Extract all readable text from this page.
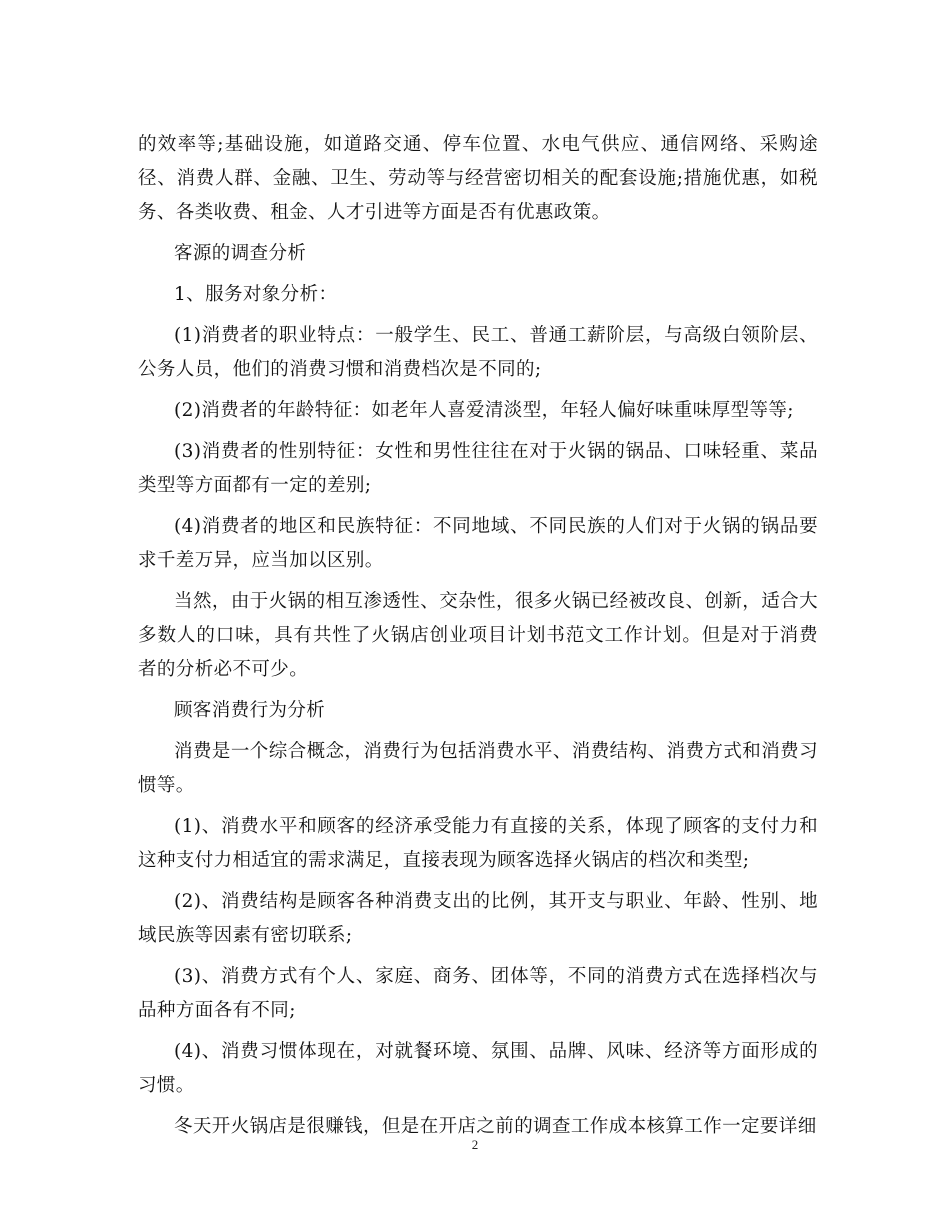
的效率等;基础设施，如道路交通、停车位置、水电气供应、通信网络、采购途径、消费人群、金融、卫生、劳动等与经营密切相关的配套设施;措施优惠，如税务、各类收费、租金、人才引进等方面是否有优惠政策。

客源的调查分析

1、服务对象分析：

(1)消费者的职业特点：一般学生、民工、普通工薪阶层，与高级白领阶层、公务人员，他们的消费习惯和消费档次是不同的;

(2)消费者的年龄特征：如老年人喜爱清淡型，年轻人偏好味重味厚型等等;

(3)消费者的性别特征：女性和男性往往在对于火锅的锅品、口味轻重、菜品类型等方面都有一定的差别;

(4)消费者的地区和民族特征：不同地域、不同民族的人们对于火锅的锅品要求千差万异，应当加以区别。

当然，由于火锅的相互渗透性、交杂性，很多火锅已经被改良、创新，适合大多数人的口味，具有共性了火锅店创业项目计划书范文工作计划。但是对于消费者的分析必不可少。

顾客消费行为分析

消费是一个综合概念，消费行为包括消费水平、消费结构、消费方式和消费习惯等。

(1)、消费水平和顾客的经济承受能力有直接的关系，体现了顾客的支付力和这种支付力相适宜的需求满足，直接表现为顾客选择火锅店的档次和类型;

(2)、消费结构是顾客各种消费支出的比例，其开支与职业、年龄、性别、地域民族等因素有密切联系;

(3)、消费方式有个人、家庭、商务、团体等，不同的消费方式在选择档次与品种方面各有不同;

(4)、消费习惯体现在，对就餐环境、氛围、品牌、风味、经济等方面形成的习惯。

冬天开火锅店是很赚钱，但是在开店之前的调查工作成本核算工作一定要详细

2
